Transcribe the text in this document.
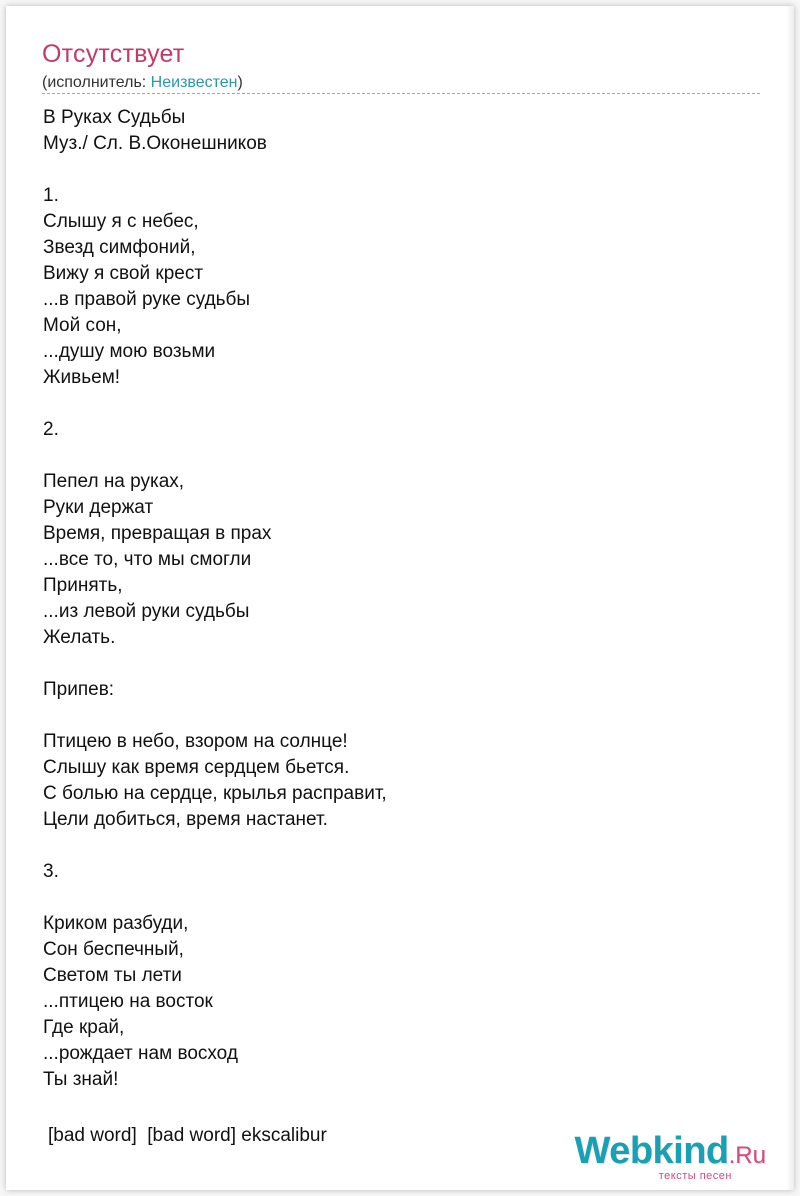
Отсутствует
(исполнитель: Неизвестен)
В Руках Судьбы
Муз./ Сл. В.Оконешников

1.
Слышу я с небес,
Звезд симфоний,
Вижу я свой крест
...в правой руке судьбы
Мой сон,
...душу мою возьми
Живьем!

2.

Пепел на руках,
Руки держат
Время, превращая в прах
...все то, что мы смогли
Принять,
...из левой руки судьбы
Желать.

Припев:

Птицею в небо, взором на солнце!
Слышу как время сердцем бьется.
С болью на сердце, крылья расправит,
Цели добиться, время настанет.

3.

Криком разбуди,
Сон беспечный,
Светом ты лети
...птицею на восток
Где край,
...рождает нам восход
Ты знай!
[bad word]  [bad word] ekscalibur	Webkind.Ru
тексты песен
